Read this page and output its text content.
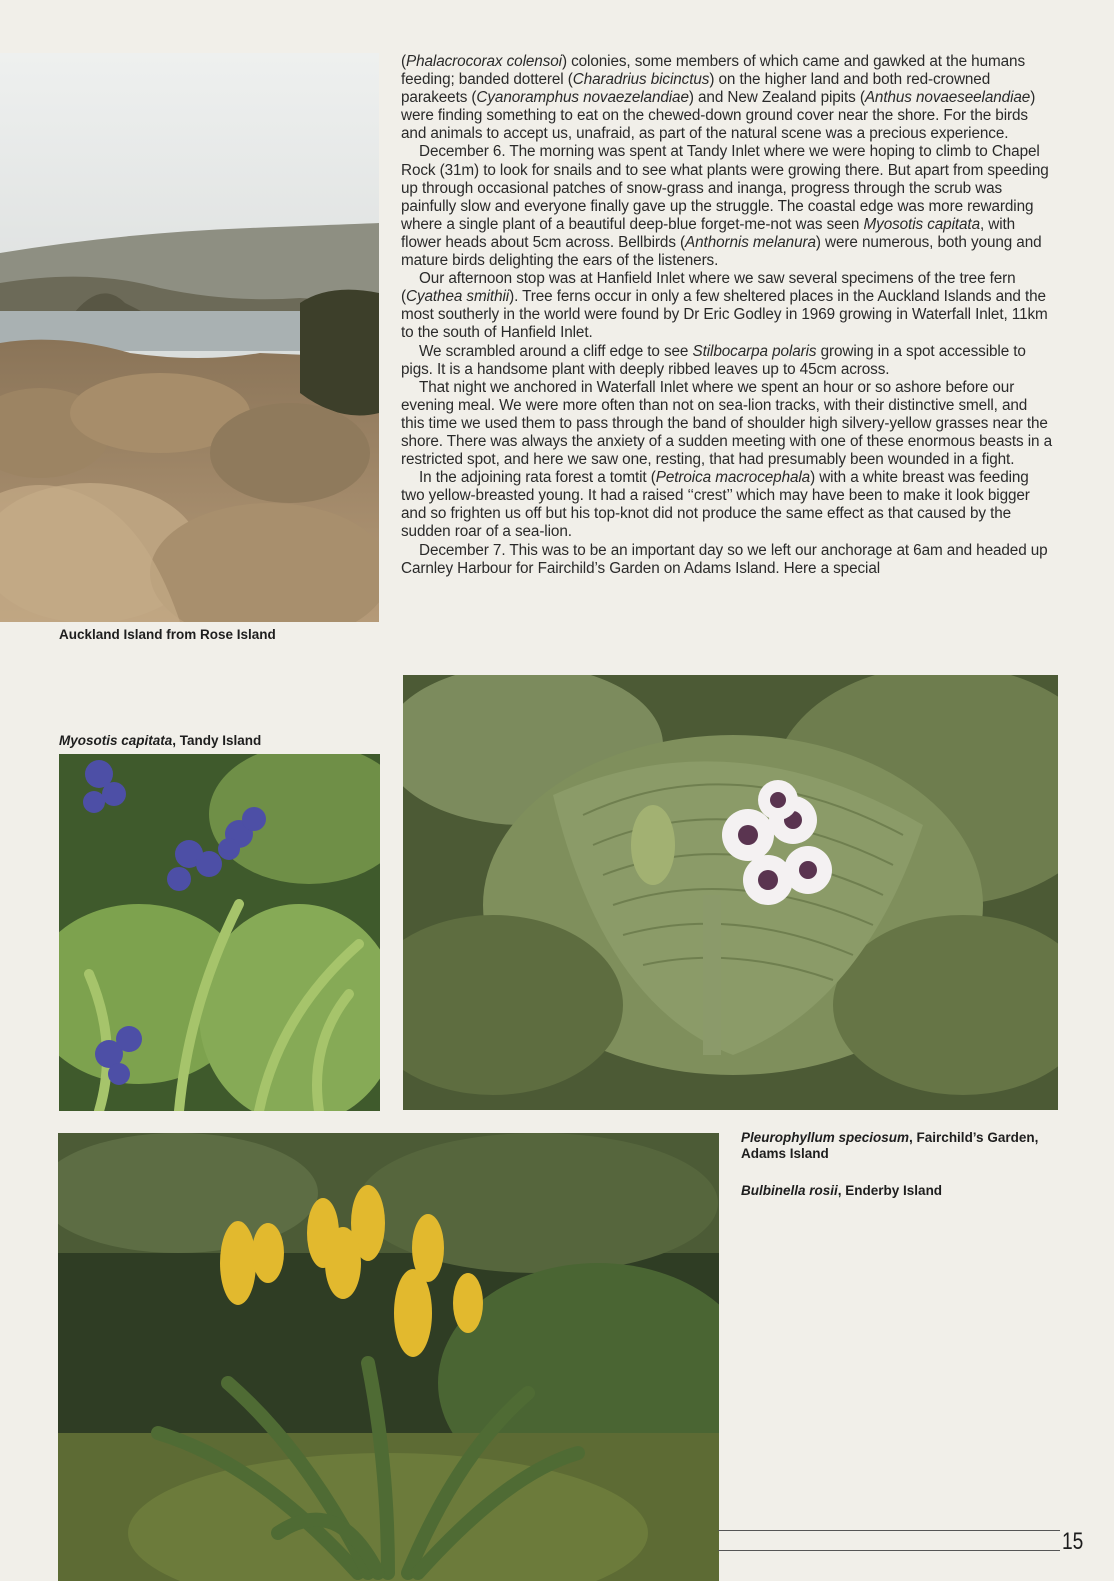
Auckland Island from Rose Island

(Phalacrocorax colensoi) colonies, some members of which came and gawked at the humans feeding; banded dotterel (Charadrius bicinctus) on the higher land and both red-crowned parakeets (Cyanoramphus novaezelandiae) and New Zealand pipits (Anthus novaeseelandiae) were finding something to eat on the chewed-down ground cover near the shore. For the birds and animals to accept us, unafraid, as part of the natural scene was a precious experience.

December 6. The morning was spent at Tandy Inlet where we were hoping to climb to Chapel Rock (31m) to look for snails and to see what plants were growing there. But apart from speeding up through occasional patches of snow-grass and inanga, progress through the scrub was painfully slow and everyone finally gave up the struggle. The coastal edge was more rewarding where a single plant of a beautiful deep-blue forget-me-not was seen Myosotis capitata, with flower heads about 5cm across. Bellbirds (Anthornis melanura) were numerous, both young and mature birds delighting the ears of the listeners.

Our afternoon stop was at Hanfield Inlet where we saw several specimens of the tree fern (Cyathea smithii). Tree ferns occur in only a few sheltered places in the Auckland Islands and the most southerly in the world were found by Dr Eric Godley in 1969 growing in Waterfall Inlet, 11km to the south of Hanfield Inlet.

We scrambled around a cliff edge to see Stilbocarpa polaris growing in a spot accessible to pigs. It is a handsome plant with deeply ribbed leaves up to 45cm across.

That night we anchored in Waterfall Inlet where we spent an hour or so ashore before our evening meal. We were more often than not on sea-lion tracks, with their distinctive smell, and this time we used them to pass through the band of shoulder high silvery-yellow grasses near the shore. There was always the anxiety of a sudden meeting with one of these enormous beasts in a restricted spot, and here we saw one, resting, that had presumably been wounded in a fight.

In the adjoining rata forest a tomtit (Petroica macrocephala) with a white breast was feeding two yellow-breasted young. It had a raised ‘‘crest’’ which may have been to make it look bigger and so frighten us off but his top-knot did not produce the same effect as that caused by the sudden roar of a sea-lion.

December 7. This was to be an important day so we left our anchorage at 6am and headed up Carnley Harbour for Fairchild’s Garden on Adams Island. Here a special

Myosotis capitata, Tandy Island
Pleurophyllum speciosum, Fairchild’s Garden, Adams Island
Bulbinella rosii, Enderby Island
15
